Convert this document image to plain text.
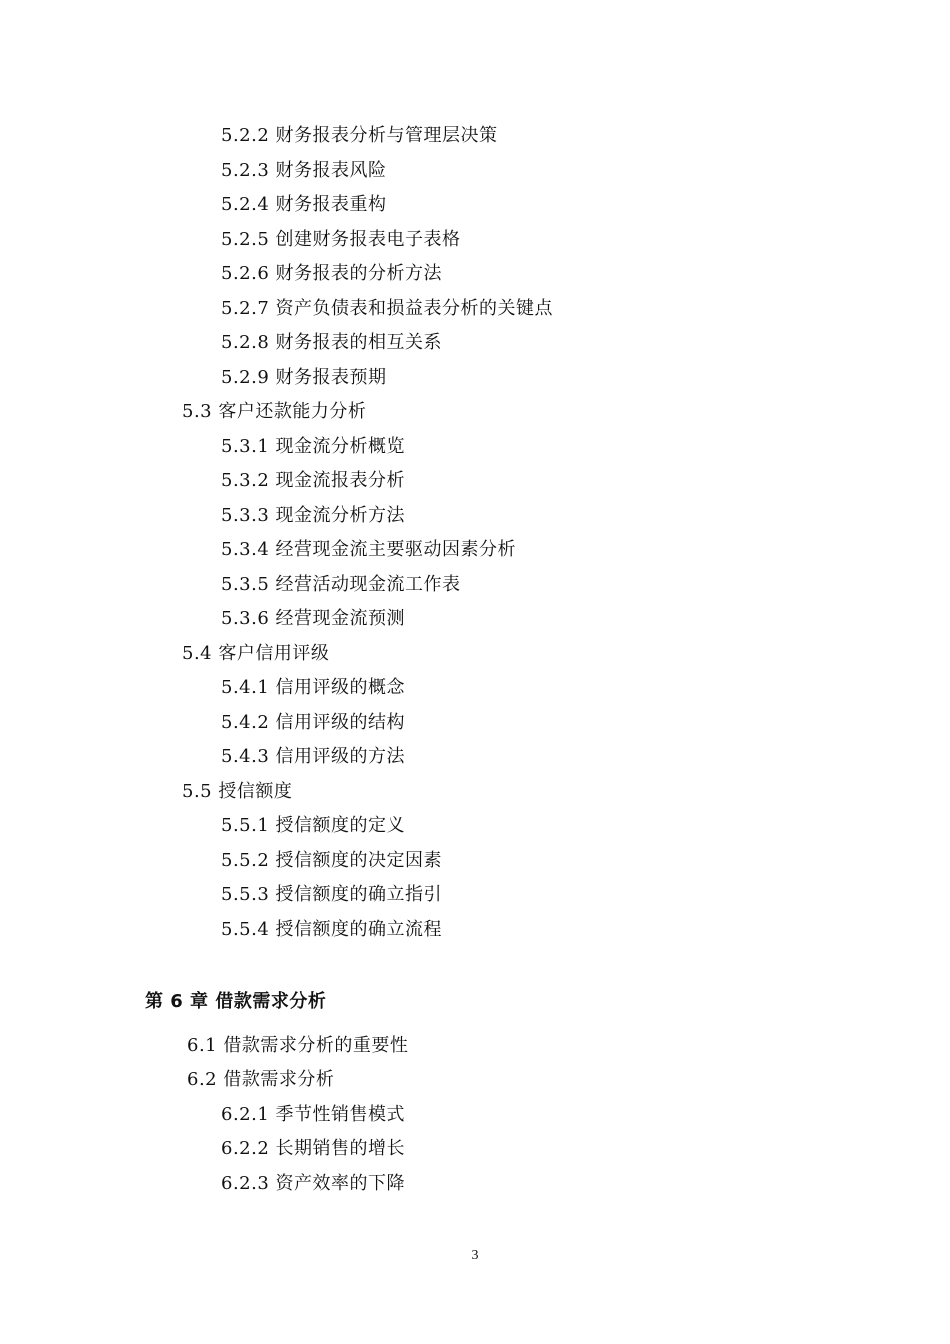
5.2.2 财务报表分析与管理层决策
5.2.3 财务报表风险
5.2.4 财务报表重构
5.2.5 创建财务报表电子表格
5.2.6 财务报表的分析方法
5.2.7 资产负债表和损益表分析的关键点
5.2.8 财务报表的相互关系
5.2.9 财务报表预期
5.3 客户还款能力分析
5.3.1 现金流分析概览
5.3.2 现金流报表分析
5.3.3 现金流分析方法
5.3.4 经营现金流主要驱动因素分析
5.3.5 经营活动现金流工作表
5.3.6 经营现金流预测
5.4 客户信用评级
5.4.1 信用评级的概念
5.4.2 信用评级的结构
5.4.3 信用评级的方法
5.5 授信额度
5.5.1 授信额度的定义
5.5.2 授信额度的决定因素
5.5.3 授信额度的确立指引
5.5.4 授信额度的确立流程
第 6 章 借款需求分析
6.1 借款需求分析的重要性
6.2 借款需求分析
6.2.1 季节性销售模式
6.2.2 长期销售的增长
6.2.3 资产效率的下降
3
